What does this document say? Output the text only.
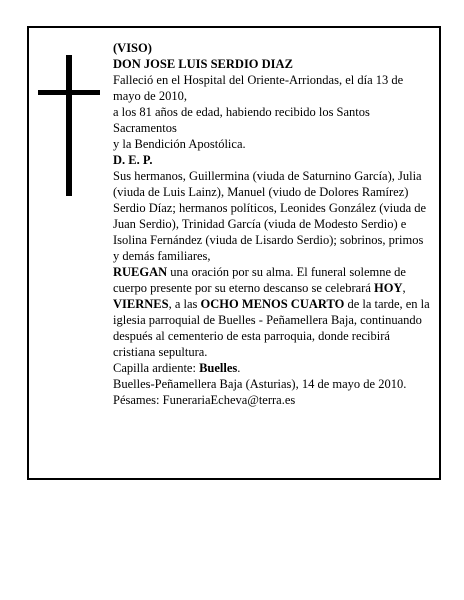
(VISO)

DON JOSE LUIS SERDIO DIAZ

Falleció en el Hospital del Oriente-Arriondas, el día 13 de mayo de 2010,

a los 81 años de edad, habiendo recibido los Santos Sacramentos

y la Bendición Apostólica.

D. E. P.

Sus hermanos, Guillermina (viuda de Saturnino García), Julia (viuda de Luis Lainz), Manuel (viudo de Dolores Ramírez) Serdio Díaz; hermanos políticos, Leonides González (viuda de Juan Serdio), Trinidad García (viuda de Modesto Serdio) e Isolina Fernández (viuda de Lisardo Serdio); sobrinos, primos y demás familiares,

RUEGAN una oración por su alma. El funeral solemne de cuerpo presente por su eterno descanso se celebrará HOY, VIERNES, a las OCHO MENOS CUARTO de la tarde, en la iglesia parroquial de Buelles - Peñamellera Baja, continuando después al cementerio de esta parroquia, donde recibirá cristiana sepultura.

Capilla ardiente: Buelles.

Buelles-Peñamellera Baja (Asturias), 14 de mayo de 2010.

Pésames: FunerariaEcheva@terra.es
